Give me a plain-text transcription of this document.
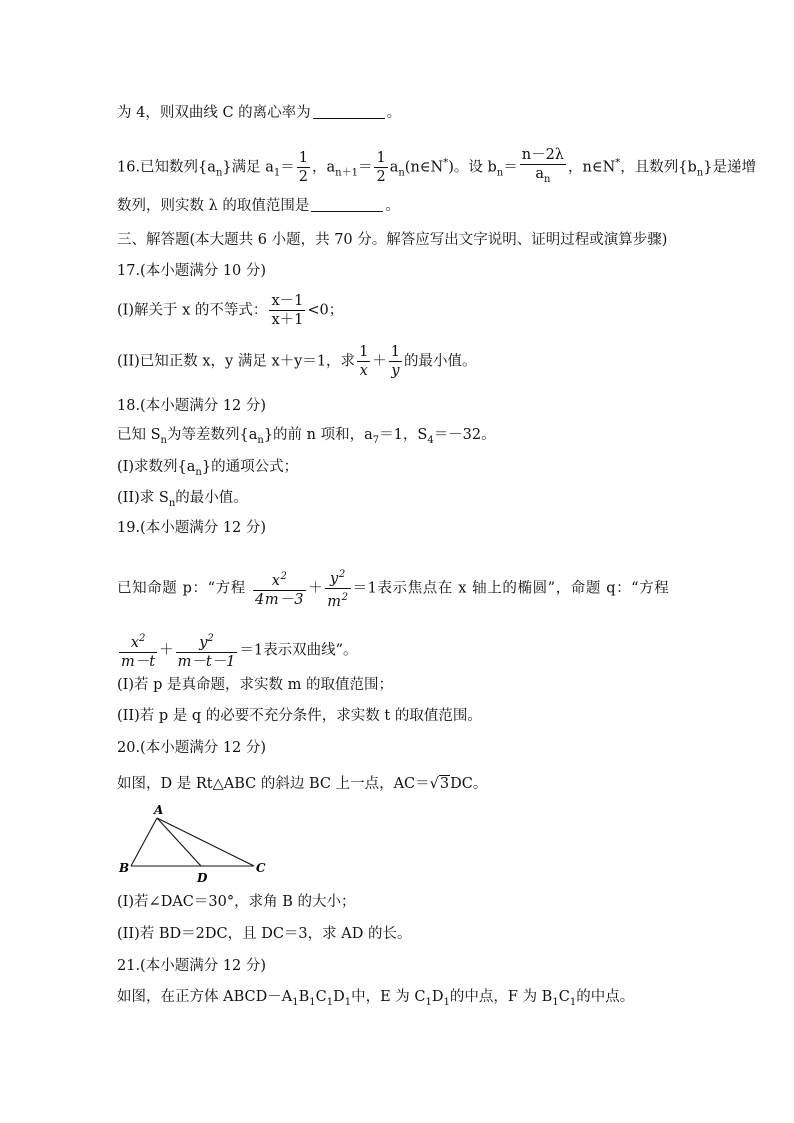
为 4，则双曲线 C 的离心率为	。
16.已知数列$\{a_n\}$满足 $a_1= \frac{1}{2}$ ，$a_{n+1}= \frac{1}{2}$ $a_n(n\in N^*)$。设 $b_n= \frac{n-2\lambda}{a_n}$ ，n∈N*，且数列$\{b_n\}$是递增
数列，则实数 λ 的取值范围是	。
三、解答题(本大题共 6 小题，共 70 分。解答应写出文字说明、证明过程或演算步骤)
17.(本小题满分 10 分)
(I)解关于 x 的不等式： $\frac{x-1}{x+1} <0$；
(II)已知正数 x，y 满足 x＋y＝1，求 $\frac{1}{x} + \frac{1}{y}$ 的最小值。
18.(本小题满分 12 分)
已知 $S_n$为等差数列$\{a_n\}$的前 n 项和，$a_7=1$，$S_4=-32$。
(I)求数列$\{a_n\}$的通项公式；
(II)求 $S_n$的最小值。
19.(本小题满分 12 分)
已知命题 p：“方程 $\frac{x^2}{4m-3} + \frac{y^2}{m^2} =1$表示焦点在 x 轴上的椭圆”，命题 q：“方程
$\frac{x^2}{m-t} + \frac{y^2}{m-t-1} =1$表示双曲线”。
(I)若 p 是真命题，求实数 m 的取值范围；
(II)若 p 是 q 的必要不充分条件，求实数 t 的取值范围。
20.(本小题满分 12 分)
如图，D 是 Rt△ABC 的斜边 BC 上一点，AC＝√3DC。
A
B	C
D
(I)若∠DAC＝30°，求角 B 的大小；
(II)若 BD＝2DC，且 DC＝3，求 AD 的长。
21.(本小题满分 12 分)
如图，在正方体 $ABCD-A_1B_1C_1D_1$中，E 为 $C_1D_1$的中点，F 为 $B_1C_1$的中点。
